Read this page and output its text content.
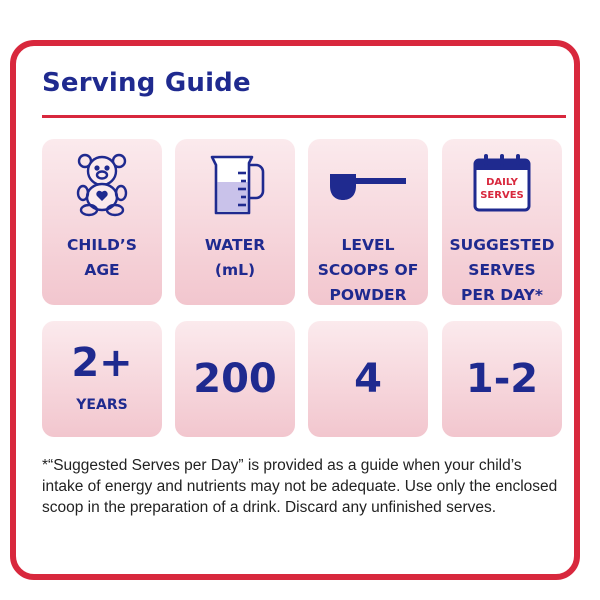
Serving Guide
CHILD’S
AGE
2+
YEARS
WATER
(mL)
200
LEVEL
SCOOPS OF
POWDER
4
DAILY
SERVES
SUGGESTED
SERVES
PER DAY*
1-2

*“Suggested Serves per Day” is provided as a guide when your child’s
intake of energy and nutrients may not be adequate. Use only the enclosed
scoop in the preparation of a drink. Discard any unfinished serves.
